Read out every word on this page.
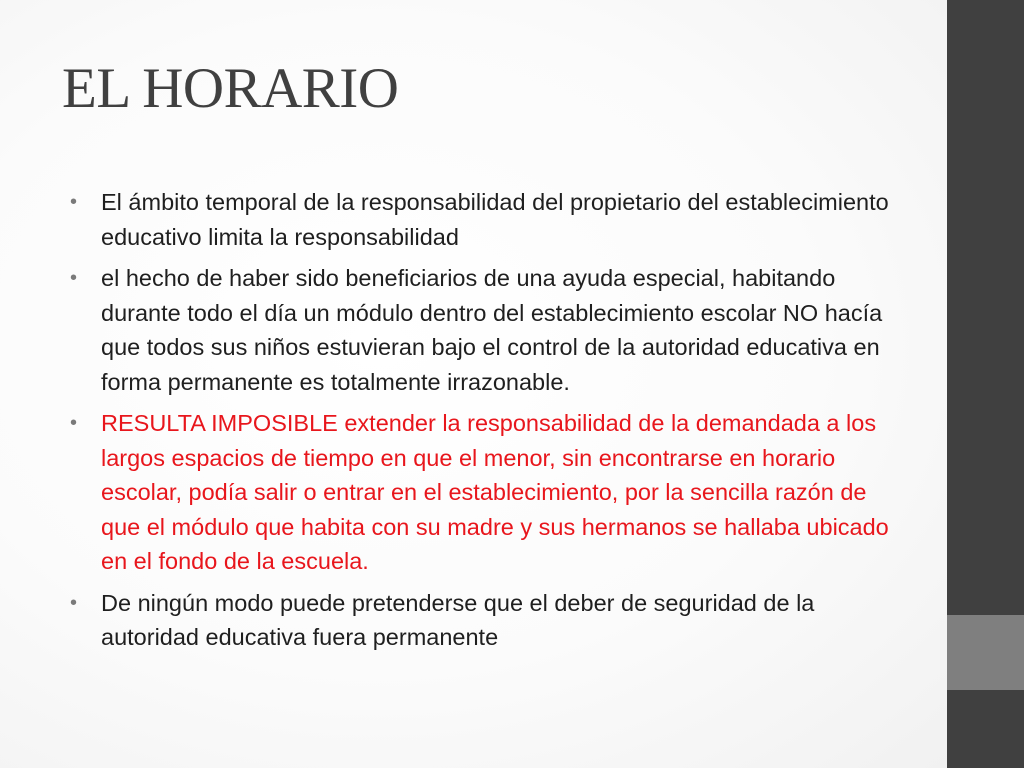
EL HORARIO
• El ámbito temporal de la responsabilidad del propietario del establecimiento educativo limita la responsabilidad
• el hecho de haber sido beneficiarios de una ayuda especial, habitando durante todo el día un módulo dentro del establecimiento escolar NO hacía que todos sus niños estuvieran bajo el control de la autoridad educativa en forma permanente es totalmente irrazonable.
• RESULTA IMPOSIBLE extender la responsabilidad de la demandada a los largos espacios de tiempo en que el menor, sin encontrarse en horario escolar, podía salir o entrar en el establecimiento, por la sencilla razón de que el módulo que habita con su madre y sus hermanos se hallaba ubicado en el fondo de la escuela.
• De ningún modo puede pretenderse que el deber de seguridad de la autoridad educativa fuera permanente
